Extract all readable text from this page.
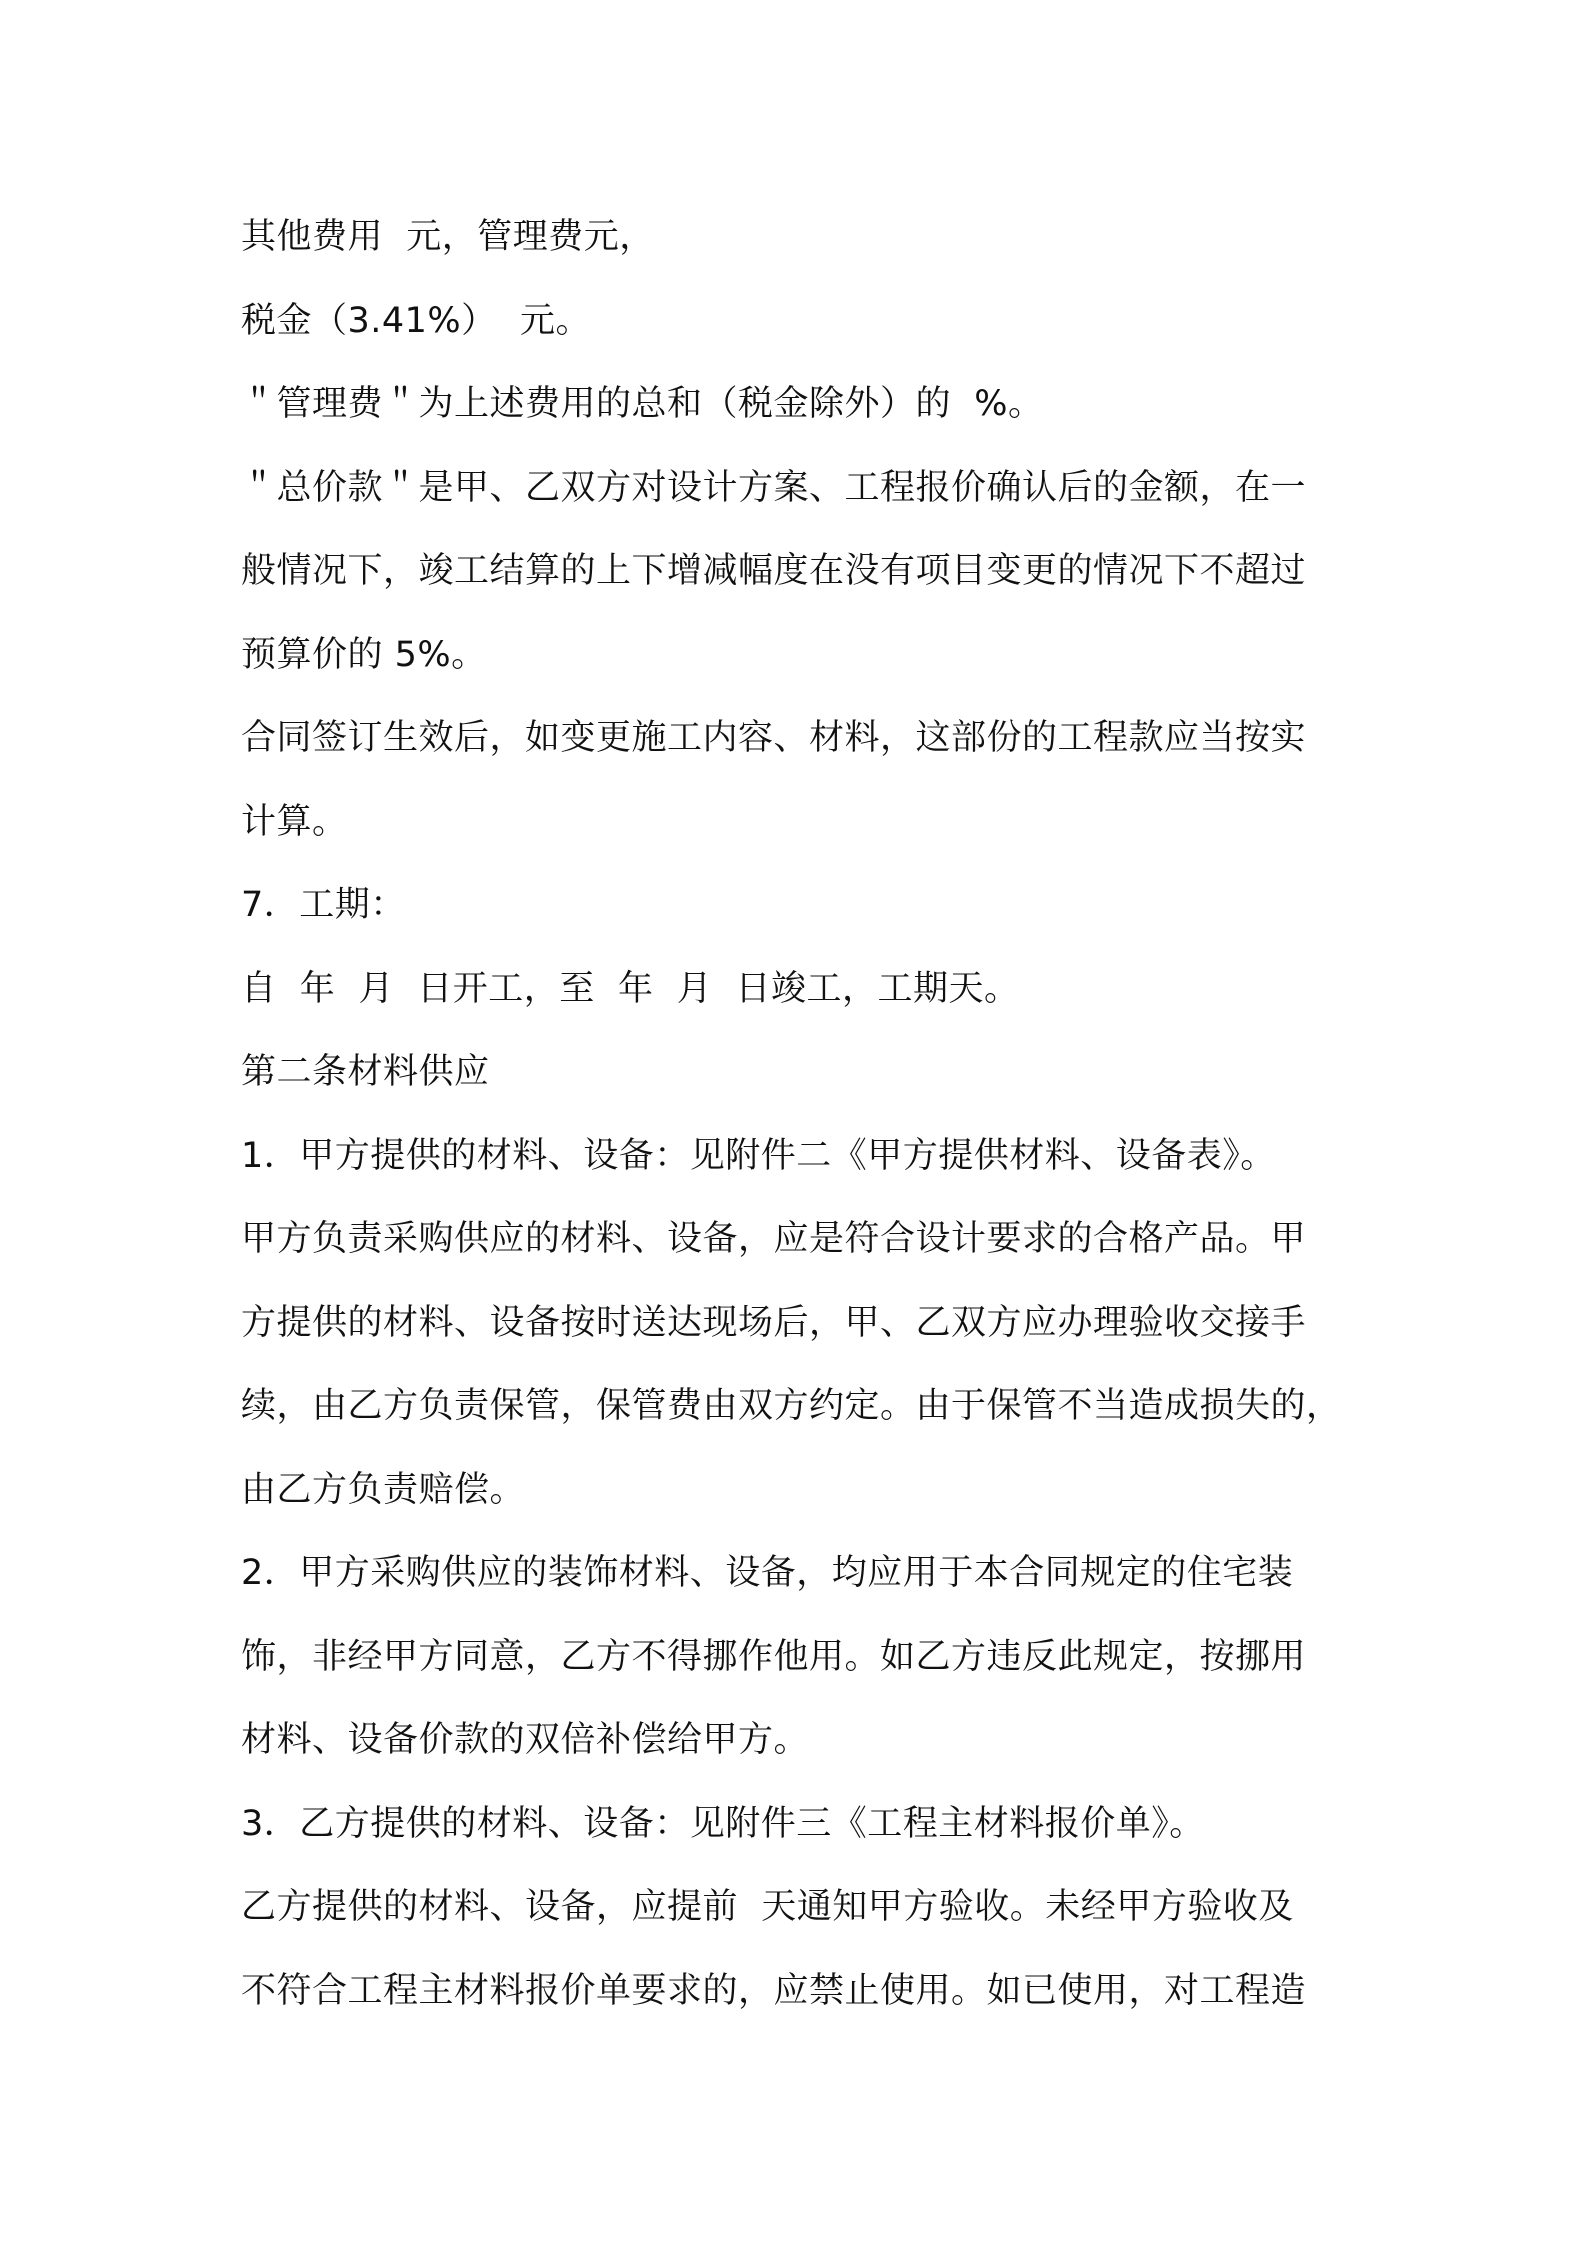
其他费用  元，管理费元，
税金（3.41%）  元。
＂管理费＂为上述费用的总和（税金除外）的  %。
＂总价款＂是甲、乙双方对设计方案、工程报价确认后的金额，在一
般情况下，竣工结算的上下增减幅度在没有项目变更的情况下不超过
预算价的 5%。
合同签订生效后，如变更施工内容、材料，这部份的工程款应当按实
计算。
7．工期：
自  年  月  日开工，至  年  月  日竣工，工期天。
第二条材料供应
1．甲方提供的材料、设备：见附件二《甲方提供材料、设备表》。
甲方负责采购供应的材料、设备，应是符合设计要求的合格产品。甲
方提供的材料、设备按时送达现场后，甲、乙双方应办理验收交接手
续，由乙方负责保管，保管费由双方约定。由于保管不当造成损失的，
由乙方负责赔偿。
2．甲方采购供应的装饰材料、设备，均应用于本合同规定的住宅装
饰，非经甲方同意，乙方不得挪作他用。如乙方违反此规定，按挪用
材料、设备价款的双倍补偿给甲方。
3．乙方提供的材料、设备：见附件三《工程主材料报价单》。
乙方提供的材料、设备，应提前  天通知甲方验收。未经甲方验收及
不符合工程主材料报价单要求的，应禁止使用。如已使用，对工程造
